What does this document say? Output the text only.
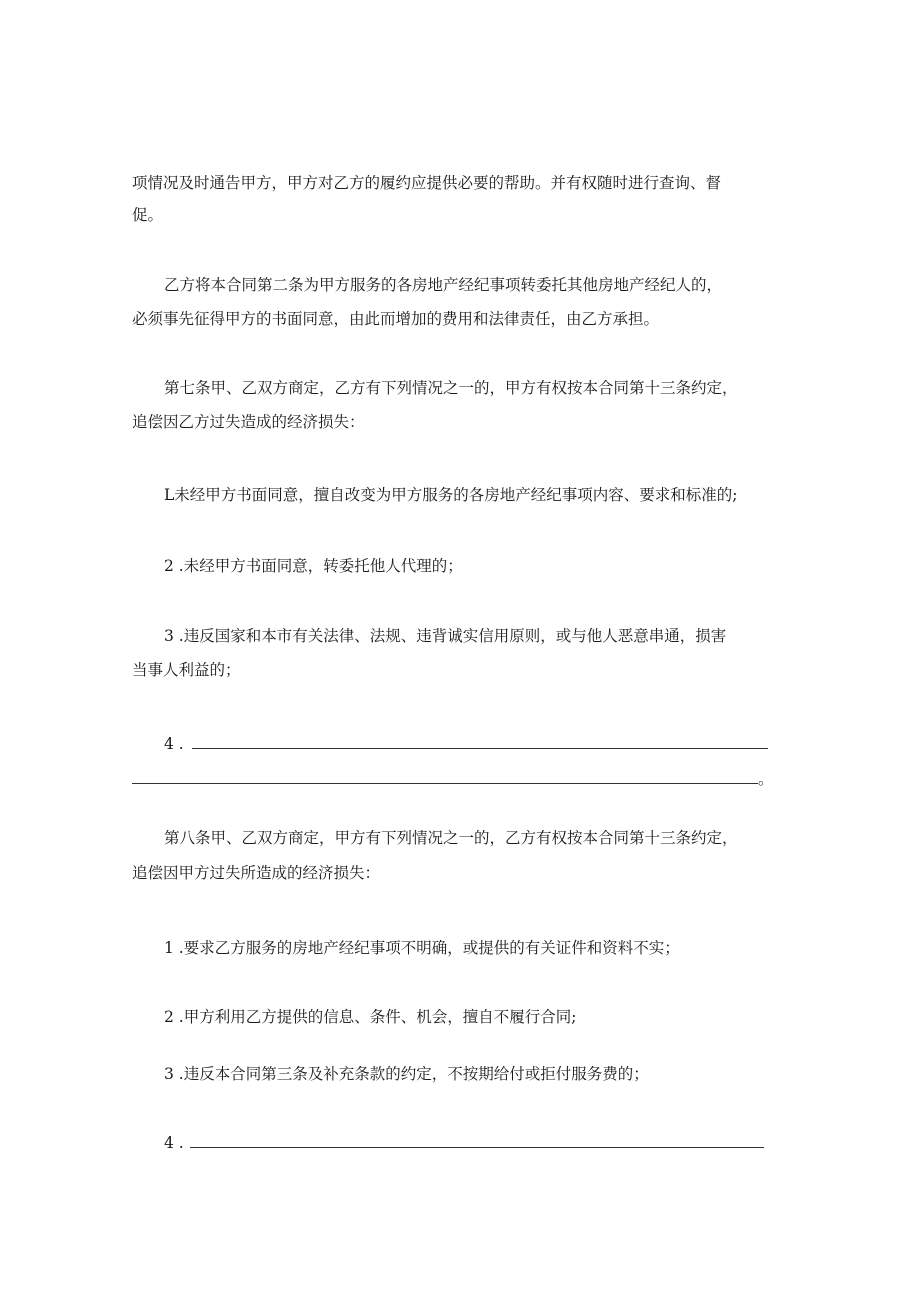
项情况及时通告甲方，甲方对乙方的履约应提供必要的帮助。并有权随时进行查询、督
促。
乙方将本合同第二条为甲方服务的各房地产经纪事项转委托其他房地产经纪人的，
必须事先征得甲方的书面同意，由此而增加的费用和法律责任，由乙方承担。
第七条甲、乙双方商定，乙方有下列情况之一的，甲方有权按本合同第十三条约定，
追偿因乙方过失造成的经济损失：
L未经甲方书面同意，擅自改变为甲方服务的各房地产经纪事项内容、要求和标准的;
2 .未经甲方书面同意，转委托他人代理的；
3 .违反国家和本市有关法律、法规、违背诚实信用原则，或与他人恶意串通，损害
当事人利益的；
4 .
。
第八条甲、乙双方商定，甲方有下列情况之一的，乙方有权按本合同第十三条约定，
追偿因甲方过失所造成的经济损失：
1 .要求乙方服务的房地产经纪事项不明确，或提供的有关证件和资料不实；
2 .甲方利用乙方提供的信息、条件、机会，擅自不履行合同;
3 .违反本合同第三条及补充条款的约定，不按期给付或拒付服务费的；
4 .
